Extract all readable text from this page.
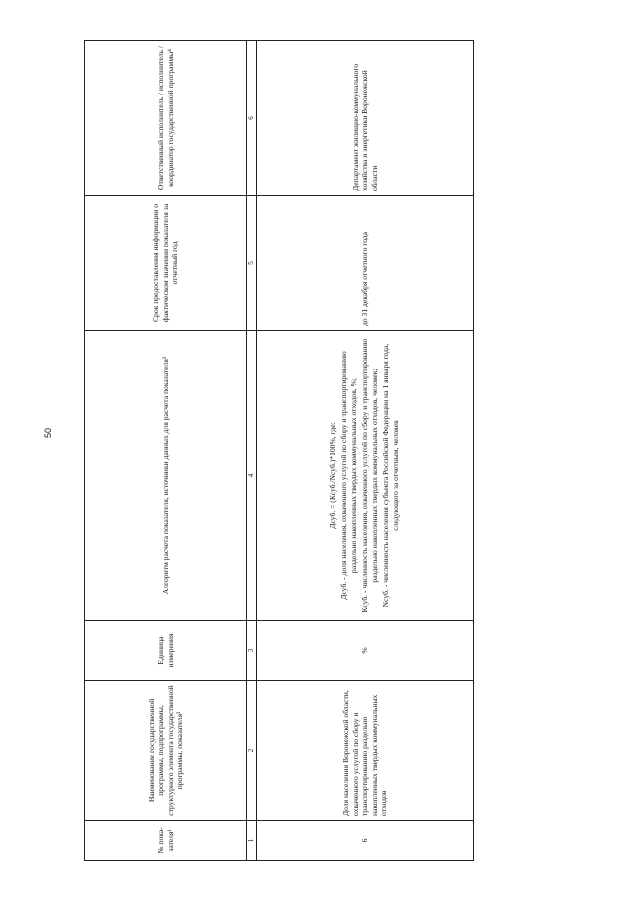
50
№ пока-зателя¹	Наименование государственной программы, подпрограммы, структурного элемента государственной программы, показателя²	Единица измерения	Алгоритм расчета показателя, источники данных для расчета показателя³	Срок предоставления информации о фактическом значении показателя за отчетный год	Ответственный исполнитель / исполнитель / координатор государственной программы⁴
1	2	3	4	5	6
6	Доля населения Воронежской области, охваченного услугой по сбору и транспортированию раздельно накопленных твердых коммунальных отходов	%	Дсуб. = (Ксуб./Nсуб.)*100%, где: Дсуб. - доля населения, охваченного услугой по сбору и транспортированию раздельно накопленных твердых коммунальных отходов, %; Ксуб. - численность населения, охваченного услугой по сбору и транспортированию раздельно накопленных твердых коммунальных отходов, человек; Nсуб. - численность населения субъекта Российской Федерации на 1 января года, следующего за отчетным, человек	до 31 декабря отчетного года	Департамент жилищно-коммунального хозяйства и энергетики Воронежской области
